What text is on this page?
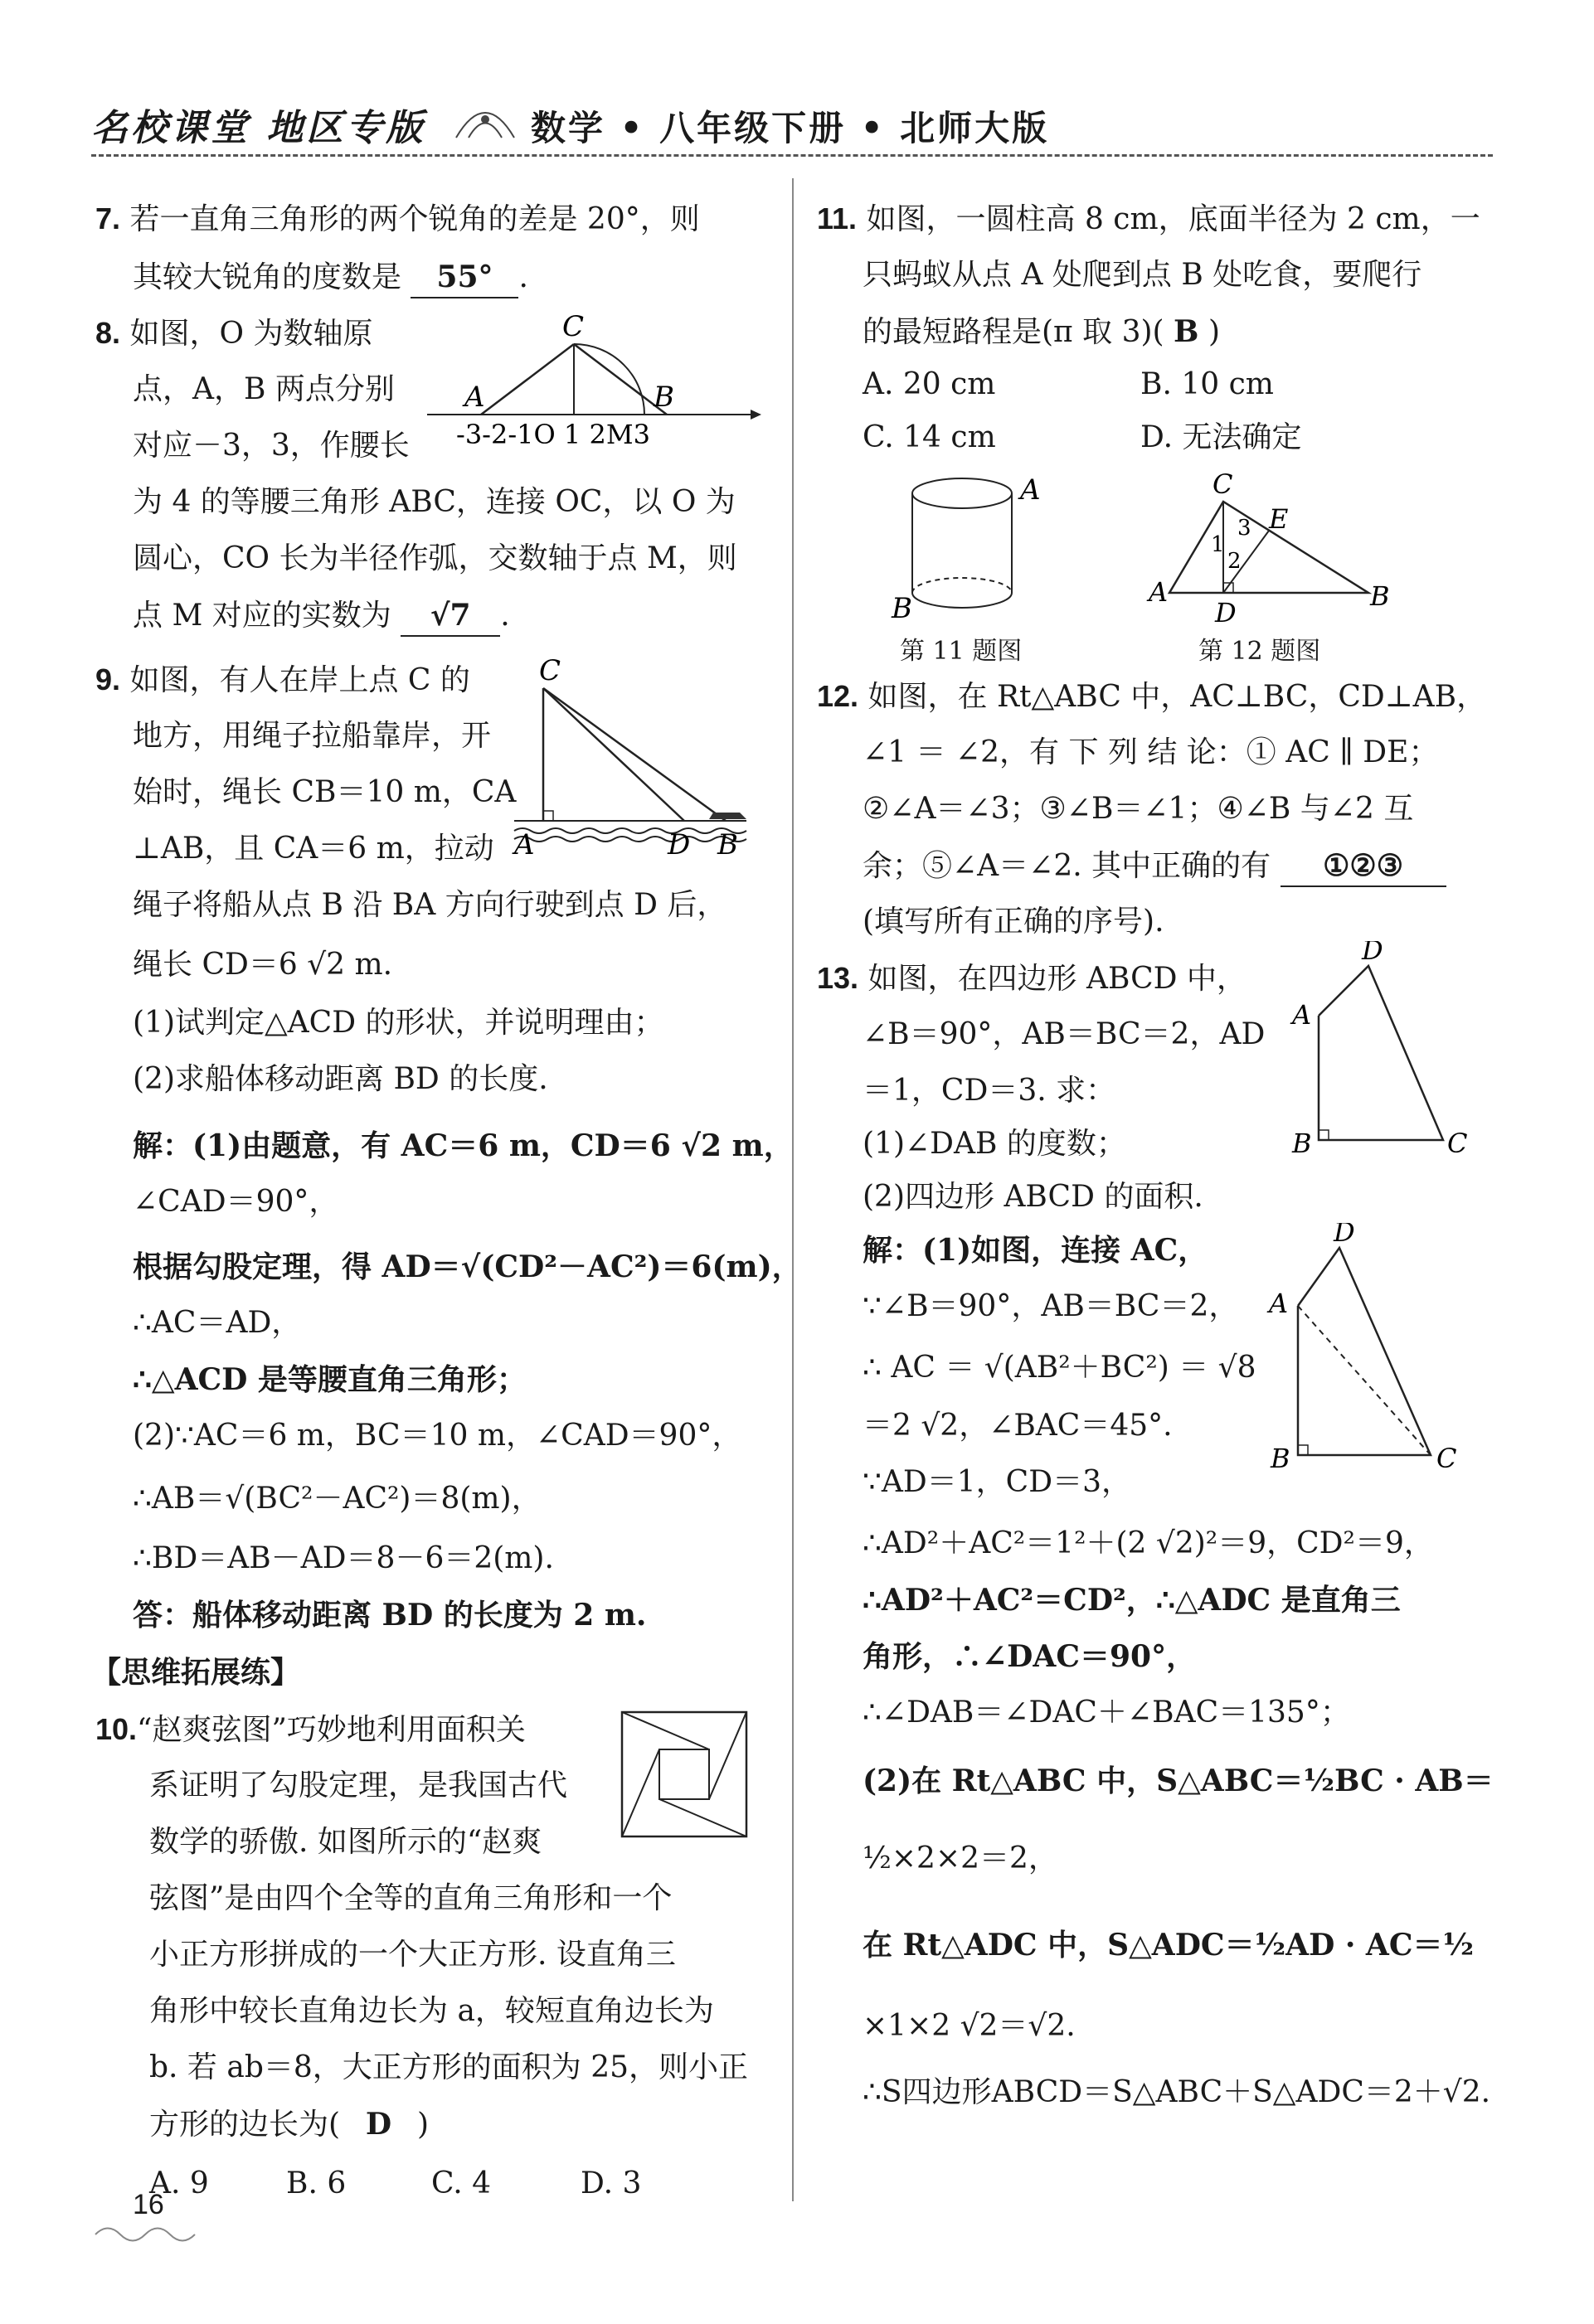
名校课堂 地区专版	数学 • 八年级下册 • 北师大版
7. 若一直角三角形的两个锐角的差是 20°，则
其较大锐角的度数是 55° .
8. 如图，O 为数轴原
点，A，B 两点分别
对应－3，3，作腰长
为 4 的等腰三角形 ABC，连接 OC，以 O 为
圆心，CO 长为半径作弧，交数轴于点 M，则
点 M 对应的实数为 √7 .
C
A	B
-3-2-1O 1 2M3
9. 如图，有人在岸上点 C 的
地方，用绳子拉船靠岸，开
始时，绳长 CB＝10 m，CA
⊥AB，且 CA＝6 m，拉动
绳子将船从点 B 沿 BA 方向行驶到点 D 后，
绳长 CD＝6 √2 m.
(1)试判定△ACD 的形状，并说明理由；
(2)求船体移动距离 BD 的长度.
解：(1)由题意，有 AC＝6 m，CD＝6 √2 m，
∠CAD＝90°，
根据勾股定理，得 AD＝√(CD²－AC²)＝6(m)，
∴AC＝AD，
∴△ACD 是等腰直角三角形；
(2)∵AC＝6 m，BC＝10 m，∠CAD＝90°，
∴AB＝√(BC²－AC²)＝8(m)，
∴BD＝AB－AD＝8－6＝2(m).
答：船体移动距离 BD 的长度为 2 m.
C
A	D B
【思维拓展练】
10.“赵爽弦图”巧妙地利用面积关
系证明了勾股定理，是我国古代
数学的骄傲. 如图所示的“赵爽
弦图”是由四个全等的直角三角形和一个
小正方形拼成的一个大正方形. 设直角三
角形中较长直角边长为 a，较短直角边长为
b. 若 ab＝8，大正方形的面积为 25，则小正
方形的边长为( D )
A. 9	B. 6	C. 4	D. 3
16
11. 如图，一圆柱高 8 cm，底面半径为 2 cm，一
只蚂蚁从点 A 处爬到点 B 处吃食，要爬行
的最短路程是(π 取 3)( B )
A. 20 cm	B. 10 cm
C. 14 cm	D. 无法确定
A
B
第 11 题图
C
E
A
D
B
1
2
3
第 12 题图
12. 如图，在 Rt△ABC 中，AC⊥BC，CD⊥AB，
∠1 ＝ ∠2，有 下 列 结 论：① AC ∥ DE；
②∠A＝∠3；③∠B＝∠1；④∠B 与∠2 互
余；⑤∠A＝∠2. 其中正确的有 ①②③
(填写所有正确的序号).
13. 如图，在四边形 ABCD 中，
∠B＝90°，AB＝BC＝2，AD
＝1，CD＝3. 求：
(1)∠DAB 的度数；
(2)四边形 ABCD 的面积.
解：(1)如图，连接 AC，
∵∠B＝90°，AB＝BC＝2，
∴ AC ＝ √(AB²＋BC²) ＝ √8
＝2 √2，∠BAC＝45°.
∵AD＝1，CD＝3，
∴AD²＋AC²＝1²＋(2 √2)²＝9，CD²＝9，
∴AD²＋AC²＝CD²，∴△ADC 是直角三
角形，∴∠DAC＝90°，
∴∠DAB＝∠DAC＋∠BAC＝135°；
(2)在 Rt△ABC 中，S△ABC＝½BC · AB＝
½×2×2＝2，
在 Rt△ADC 中，S△ADC＝½AD · AC＝½
×1×2 √2＝√2.
∴S四边形ABCD＝S△ABC＋S△ADC＝2＋√2.
D
A
B	C
D
A
B	C
